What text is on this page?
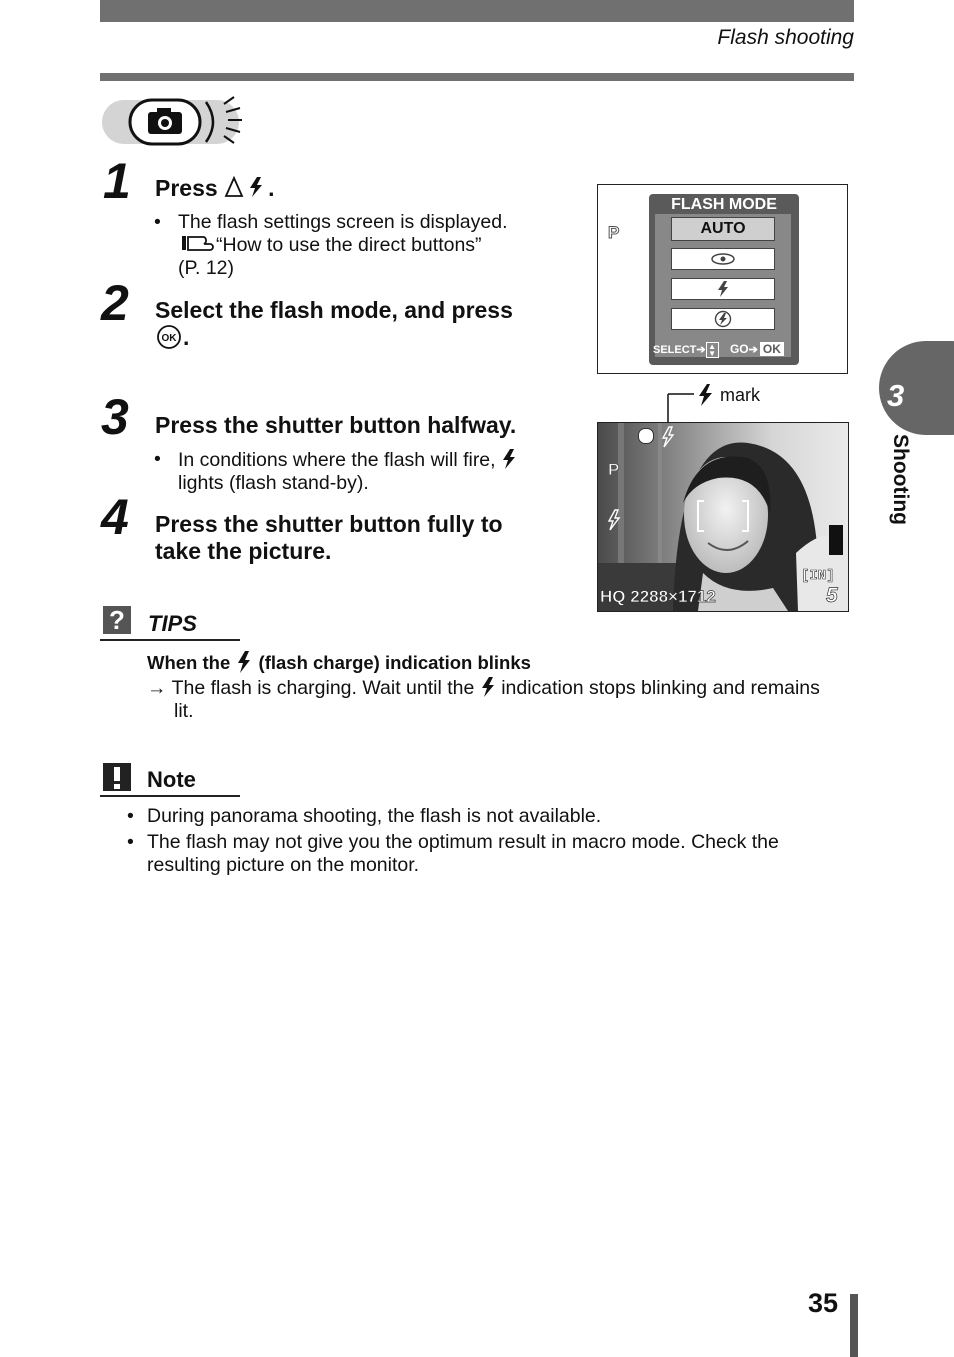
Flash shooting
1 Press .
• The flash settings screen is displayed.
“How to use the direct buttons”
(P. 12)
2 Select the flash mode, and press
OK .
3 Press the shutter button halfway.
• In conditions where the flash will fire,
lights (flash stand-by).
4 Press the shutter button fully to
take the picture.
P
FLASH MODE
AUTO
SELECT➔ ▲
▼ GO➔ OK
mark
P
[IN]
HQ 2288×1712	5
3
Shooting
? TIPS
When the (flash charge) indication blinks
→ The flash is charging. Wait until the indication stops blinking and remains
lit.
Note
• During panorama shooting, the flash is not available.
• The flash may not give you the optimum result in macro mode. Check the
resulting picture on the monitor.
35
